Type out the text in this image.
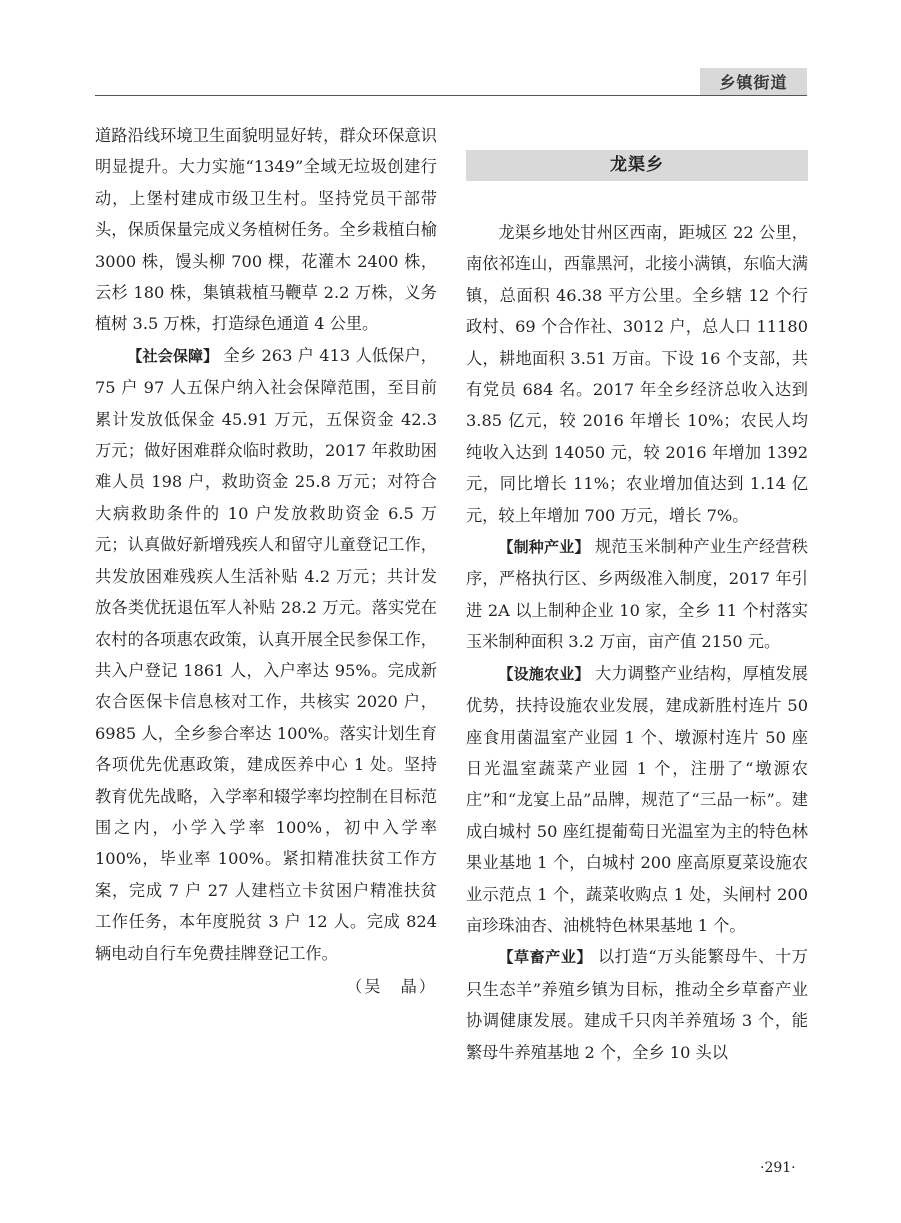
乡镇街道

道路沿线环境卫生面貌明显好转，群众环保意识明显提升。大力实施“1349”全域无垃圾创建行动，上堡村建成市级卫生村。坚持党员干部带头，保质保量完成义务植树任务。全乡栽植白榆 3000 株，馒头柳 700 棵，花灌木 2400 株，云杉 180 株，集镇栽植马鞭草 2.2 万株，义务植树 3.5 万株，打造绿色通道 4 公里。

【社会保障】 全乡 263 户 413 人低保户，75 户 97 人五保户纳入社会保障范围，至目前累计发放低保金 45.91 万元，五保资金 42.3 万元；做好困难群众临时救助，2017 年救助困难人员 198 户，救助资金 25.8 万元；对符合大病救助条件的 10 户发放救助资金 6.5 万元；认真做好新增残疾人和留守儿童登记工作，共发放困难残疾人生活补贴 4.2 万元；共计发放各类优抚退伍军人补贴 28.2 万元。落实党在农村的各项惠农政策，认真开展全民参保工作，共入户登记 1861 人，入户率达 95%。完成新农合医保卡信息核对工作，共核实 2020 户，6985 人，全乡参合率达 100%。落实计划生育各项优先优惠政策，建成医养中心 1 处。坚持教育优先战略，入学率和辍学率均控制在目标范围之内，小学入学率 100%，初中入学率 100%，毕业率 100%。紧扣精准扶贫工作方案，完成 7 户 27 人建档立卡贫困户精准扶贫工作任务，本年度脱贫 3 户 12 人。完成 824 辆电动自行车免费挂牌登记工作。

（吴　晶）
龙渠乡

龙渠乡地处甘州区西南，距城区 22 公里，南依祁连山，西靠黑河，北接小满镇，东临大满镇，总面积 46.38 平方公里。全乡辖 12 个行政村、69 个合作社、3012 户，总人口 11180 人，耕地面积 3.51 万亩。下设 16 个支部，共有党员 684 名。2017 年全乡经济总收入达到 3.85 亿元，较 2016 年增长 10%；农民人均纯收入达到 14050 元，较 2016 年增加 1392 元，同比增长 11%；农业增加值达到 1.14 亿元，较上年增加 700 万元，增长 7%。

【制种产业】 规范玉米制种产业生产经营秩序，严格执行区、乡两级准入制度，2017 年引进 2A 以上制种企业 10 家，全乡 11 个村落实玉米制种面积 3.2 万亩，亩产值 2150 元。

【设施农业】 大力调整产业结构，厚植发展优势，扶持设施农业发展，建成新胜村连片 50 座食用菌温室产业园 1 个、墩源村连片 50 座日光温室蔬菜产业园 1 个，注册了“墩源农庄”和“龙宴上品”品牌，规范了“三品一标”。建成白城村 50 座红提葡萄日光温室为主的特色林果业基地 1 个，白城村 200 座高原夏菜设施农业示范点 1 个，蔬菜收购点 1 处，头闸村 200 亩珍珠油杏、油桃特色林果基地 1 个。

【草畜产业】 以打造“万头能繁母牛、十万只生态羊”养殖乡镇为目标，推动全乡草畜产业协调健康发展。建成千只肉羊养殖场 3 个，能繁母牛养殖基地 2 个，全乡 10 头以

·291·
